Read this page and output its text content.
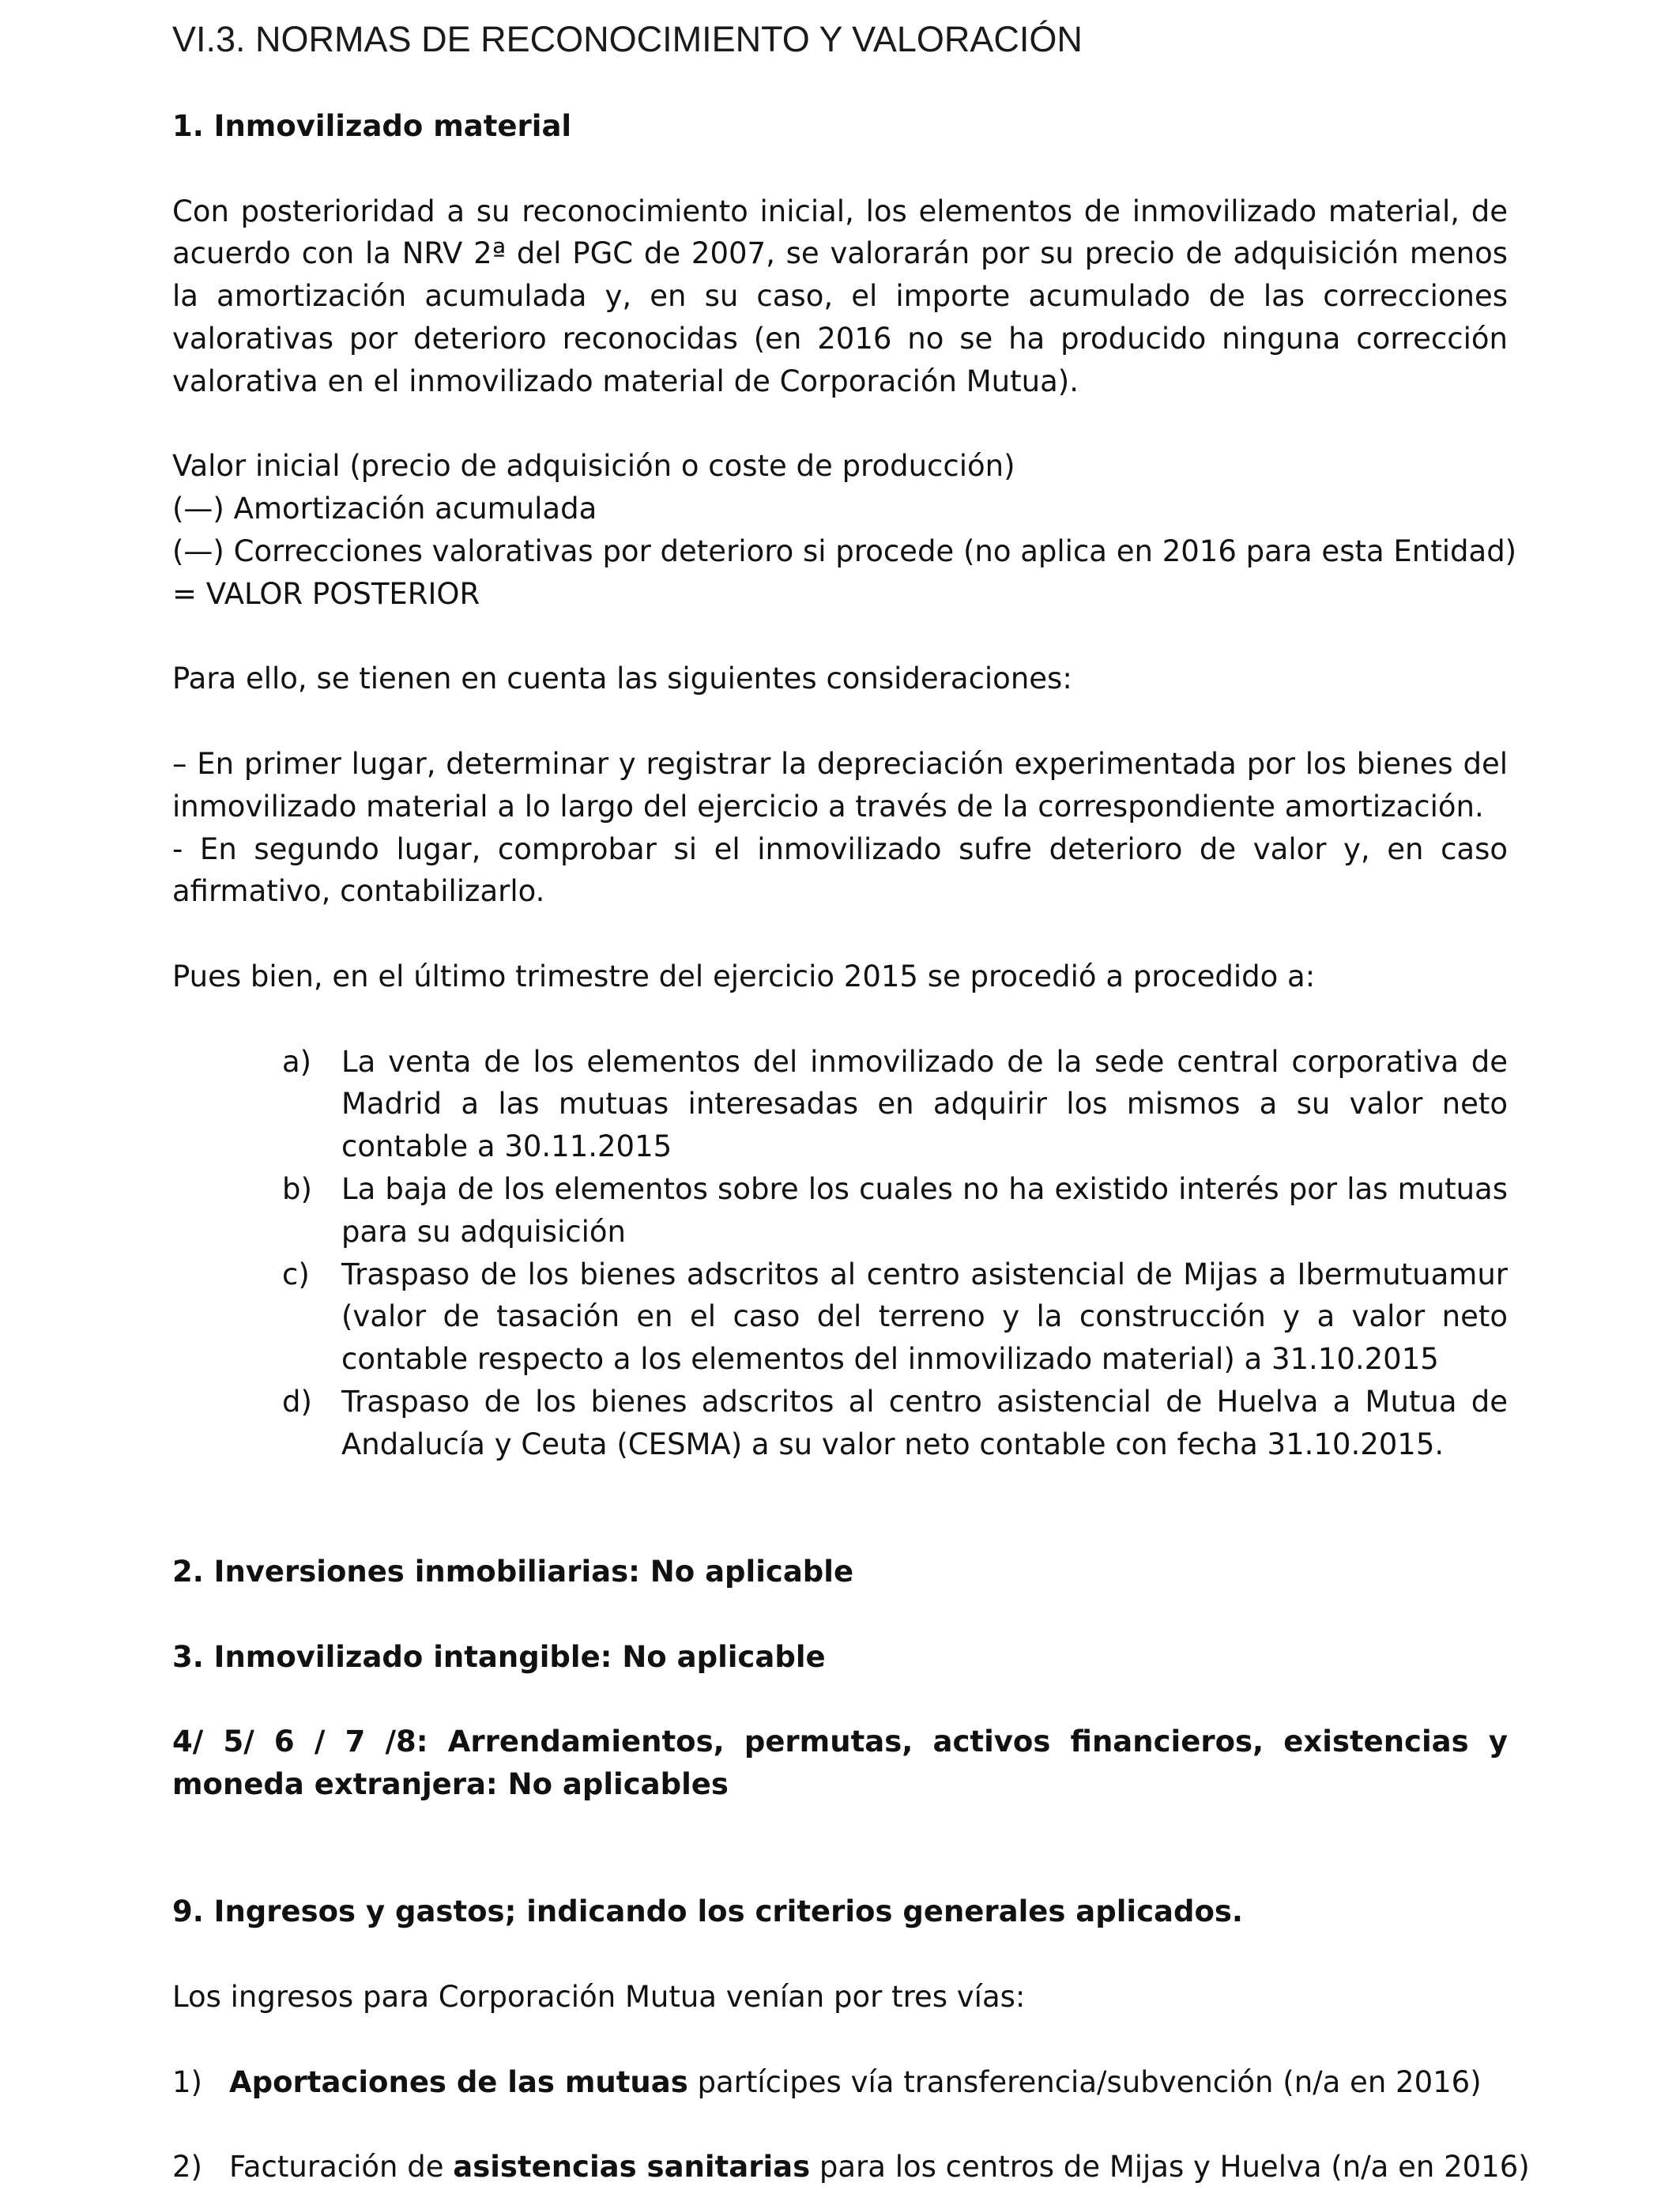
VI.3. NORMAS DE RECONOCIMIENTO Y VALORACIÓN
1. Inmovilizado material
Con posterioridad a su reconocimiento inicial, los elementos de inmovilizado material, de acuerdo con la NRV 2ª del PGC de 2007, se valorarán por su precio de adquisición menos la amortización acumulada y, en su caso, el importe acumulado de las correcciones valorativas por deterioro reconocidas (en 2016 no se ha producido ninguna corrección valorativa en el inmovilizado material de Corporación Mutua).
Valor inicial (precio de adquisición o coste de producción)
(—) Amortización acumulada
(—) Correcciones valorativas por deterioro si procede (no aplica en 2016 para esta Entidad)
= VALOR POSTERIOR
Para ello, se tienen en cuenta las siguientes consideraciones:
– En primer lugar, determinar y registrar la depreciación experimentada por los bienes del inmovilizado material a lo largo del ejercicio a través de la correspondiente amortización.
- En segundo lugar, comprobar si el inmovilizado sufre deterioro de valor y, en caso afirmativo, contabilizarlo.
Pues bien, en el último trimestre del ejercicio 2015 se procedió a procedido a:
a) La venta de los elementos del inmovilizado de la sede central corporativa de Madrid a las mutuas interesadas en adquirir los mismos a su valor neto contable a 30.11.2015
b) La baja de los elementos sobre los cuales no ha existido interés por las mutuas para su adquisición
c) Traspaso de los bienes adscritos al centro asistencial de Mijas a Ibermutuamur (valor de tasación en el caso del terreno y la construcción y a valor neto contable respecto a los elementos del inmovilizado material) a 31.10.2015
d) Traspaso de los bienes adscritos al centro asistencial de Huelva a Mutua de Andalucía y Ceuta (CESMA) a su valor neto contable con fecha 31.10.2015.
2. Inversiones inmobiliarias: No aplicable
3. Inmovilizado intangible: No aplicable
4/ 5/ 6 / 7 /8: Arrendamientos, permutas, activos financieros, existencias y moneda extranjera: No aplicables
9. Ingresos y gastos; indicando los criterios generales aplicados.
Los ingresos para Corporación Mutua venían por tres vías:
1) Aportaciones de las mutuas partícipes vía transferencia/subvención (n/a en 2016)
2) Facturación de asistencias sanitarias para los centros de Mijas y Huelva (n/a en 2016)
